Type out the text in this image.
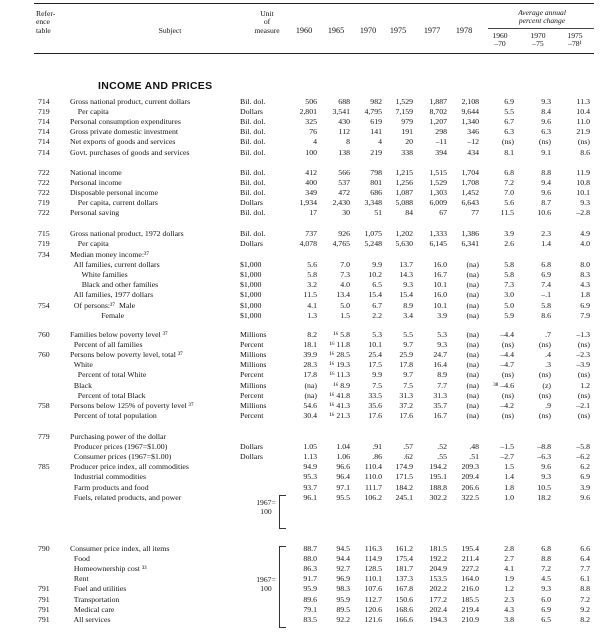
Refer-
ence
table	Subject
Unit
of
measure	1960	1965	1970	1975	1977	1978
Average annual
percent change
1960
–70
1970
–75
1975
–78¹
INCOME AND PRICES
714	Gross national product, current dollars	Bil. dol.	506	688	982	1,529	1,887	2,108	6.9	9.3	11.3
719	Per capita	Dollars	2,801	3,541	4,795	7,159	8,702	9,644	5.5	8.4	10.4
714	Personal consumption expenditures	Bil. dol.	325	430	619	979	1,207	1,340	6.7	9.6	11.0
714	Gross private domestic investment	Bil. dol.	76	112	141	191	298	346	6.3	6.3	21.9
714	Net exports of goods and services	Bil. dol.	4	8	4	20	–11	–12	(ns)	(ns)	(ns)
714	Govt. purchases of goods and services	Bil. dol.	100	138	219	338	394	434	8.1	9.1	8.6
722	National income	Bil. dol.	412	566	798	1,215	1,515	1,704	6.8	8.8	11.9
722	Personal income	Bil. dol.	400	537	801	1,256	1,529	1,708	7.2	9.4	10.8
722	Disposable personal income	Bil. dol.	349	472	686	1,087	1,303	1,452	7.0	9.6	10.1
719	Per capita, current dollars	Dollars	1,934	2,430	3,348	5,088	6,009	6,643	5.6	8.7	9.3
722	Personal saving	Bil. dol.	17	30	51	84	67	77	11.5	10.6	–2.8
715	Gross national product, 1972 dollars	Bil. dol.	737	926	1,075	1,202	1,333	1,386	3.9	2.3	4.9
719	Per capita	Dollars	4,078	4,765	5,248	5,630	6,145	6,341	2.6	1.4	4.0
734	Median money income:³⁷
All families, current dollars	$1,000	5.6	7.0	9.9	13.7	16.0	(na)	5.8	6.8	8.0
White families	$1,000	5.8	7.3	10.2	14.3	16.7	(na)	5.8	6.9	8.3
Black and other families	$1,000	3.2	4.0	6.5	9.3	10.1	(na)	7.3	7.4	4.3
All families, 1977 dollars	$1,000	11.5	13.4	15.4	15.4	16.0	(na)	3.0	–.1	1.8
754	Of persons:³⁷  Male	$1,000	4.1	5.0	6.7	8.9	10.1	(na)	5.0	5.8	6.9
Female	$1,000	1.3	1.5	2.2	3.4	3.9	(na)	5.9	8.6	7.9
760	Families below poverty level ³⁷	Millions	8.2	¹⁶ 5.8	5.3	5.5	5.3	(na)	–4.4	.7	–1.3
Percent of all families	Percent	18.1	¹⁶ 11.8	10.1	9.7	9.3	(na)	(ns)	(ns)	(ns)
760	Persons below poverty level, total ³⁷	Millions	39.9	¹⁶ 28.5	25.4	25.9	24.7	(na)	–4.4	.4	–2.3
White	Millions	28.3	¹⁶ 19.3	17.5	17.8	16.4	(na)	–4.7	.3	–3.9
Percent of total White	Percent	17.8	¹⁶ 11.3	9.9	9.7	8.9	(na)	(ns)	(ns)	(ns)
Black	Millions	(na)	¹⁶ 8.9	7.5	7.5	7.7	(na)	³⁸ –4.6	(z)	1.2
Percent of total Black	Percent	(na)	¹⁶ 41.8	33.5	31.3	31.3	(na)	(ns)	(ns)	(ns)
758	Persons below 125% of poverty level ³⁷	Millions	54.6	¹⁶ 41.3	35.6	37.2	35.7	(na)	–4.2	.9	–2.1
Percent of total population	Percent	30.4	¹⁶ 21.3	17.6	17.6	16.7	(na)	(ns)	(ns)	(ns)
779	Purchasing power of the dollar
Producer prices (1967=$1.00)	Dollars	1.05	1.04	.91	.57	.52	.48	–1.5	–8.8	–5.8
Consumer prices (1967=$1.00)	Dollars	1.13	1.06	.86	.62	.55	.51	–2.7	–6.3	–6.2
785	Producer price index, all commodities	94.9	96.6	110.4	174.9	194.2	209.3	1.5	9.6	6.2
Industrial commodities	95.3	96.4	110.0	171.5	195.1	209.4	1.4	9.3	6.9
Farm products and food	93.7	97.1	111.7	184.2	188.8	206.6	1.8	10.5	3.9
Fuels, related products, and power	96.1	95.5	106.2	245.1	302.2	322.5	1.0	18.2	9.6
790	Consumer price index, all items	88.7	94.5	116.3	161.2	181.5	195.4	2.8	6.8	6.6
Food	88.0	94.4	114.9	175.4	192.2	211.4	2.7	8.8	6.4
Homeownership cost ³³	86.3	92.7	128.5	181.7	204.9	227.2	4.1	7.2	7.7
Rent	91.7	96.9	110.1	137.3	153.5	164.0	1.9	4.5	6.1
791	Fuel and utilities	95.9	98.3	107.6	167.8	202.2	216.0	1.2	9.3	8.8
791	Transportation	89.6	95.9	112.7	150.6	177.2	185.5	2.3	6.0	7.2
791	Medical care	79.1	89.5	120.6	168.6	202.4	219.4	4.3	6.9	9.2
791	All services	83.5	92.2	121.6	166.6	194.3	210.9	3.8	6.5	8.2
1967=
100
1967=
100
